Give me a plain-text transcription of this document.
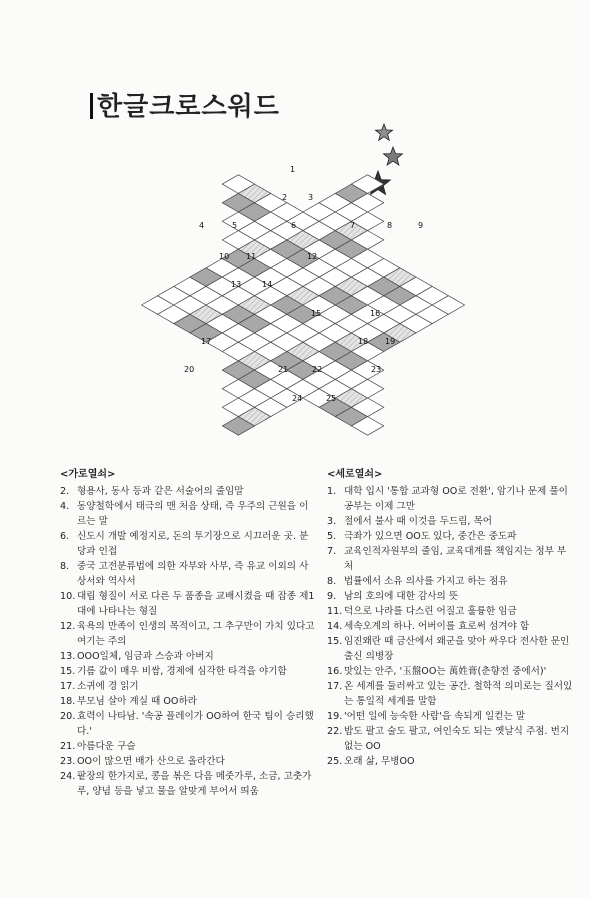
한글크로스워드
1
2	3
4	5	6	7	8	9
10 11	12
13	14
15	16
17	18 19
20	21	22	23
24	25
<가로열쇠>
2. 형용사, 동사 등과 같은 서술어의 줄임말
4. 동양철학에서 태극의 맨 처음 상태, 즉 우주의 근원을 이르는 말
6. 신도시 개발 예정지로, 돈의 투기장으로 시끄러운 곳. 분당과 인접
8. 중국 고전분류법에 의한 자부와 사부, 즉 유교 이외의 사상서와 역사서
10. 대립 형질이 서로 다른 두 품종을 교배시켰을 때 잡종 제1대에 나타나는 형질
12. 육욕의 만족이 인생의 목적이고, 그 추구만이 가치 있다고 여기는 주의
13. OOO일체, 임금과 스승과 아버지
15. 기름 값이 매우 비쌈, 경제에 심각한 타격을 야기함
17. 소귀에 경 읽기
18. 부모님 살아 계실 때 OO하라
20. 효력이 나타남. '속공 플레이가 OO하여 한국 팀이 승리했다.'
21. 아름다운 구슬
23. OO이 많으면 배가 산으로 올라간다
24. 팥장의 한가지로, 콩을 볶은 다음 메줏가루, 소금, 고춧가루, 양념 등을 넣고 물을 알맞게 부어서 띄움
<세로열쇠>
1. 대학 입시 '통합 교과형 OO로 전환', 암기나 문제 풀이 공부는 이제 그만
3. 절에서 불사 때 이것을 두드림, 목어
5. 극좌가 있으면 OO도 있다, 중간은 중도파
7. 교육인적자원부의 줄임, 교육대계를 책임지는 정부 부처
8. 법률에서 소유 의사를 가지고 하는 점유
9. 남의 호의에 대한 감사의 뜻
11. 덕으로 나라를 다스린 어질고 훌륭한 임금
14. 세속오계의 하나. 어버이를 효로써 섬겨야 함
15. 임진왜란 때 금산에서 왜군을 맞아 싸우다 전사한 문인 출신 의병장
16. 맛있는 안주, '玉盤OO는 萬姓膏(춘향전 중에서)'
17. 온 세계를 둘러싸고 있는 공간. 철학적 의미로는 질서있는 통일적 세계를 말함
19. '어떤 일에 능숙한 사람'을 속되게 일컫는 말
22. 밥도 팔고 술도 팔고, 여인숙도 되는 옛날식 주점. 번지 없는 OO
25. 오래 삶, 무병OO
